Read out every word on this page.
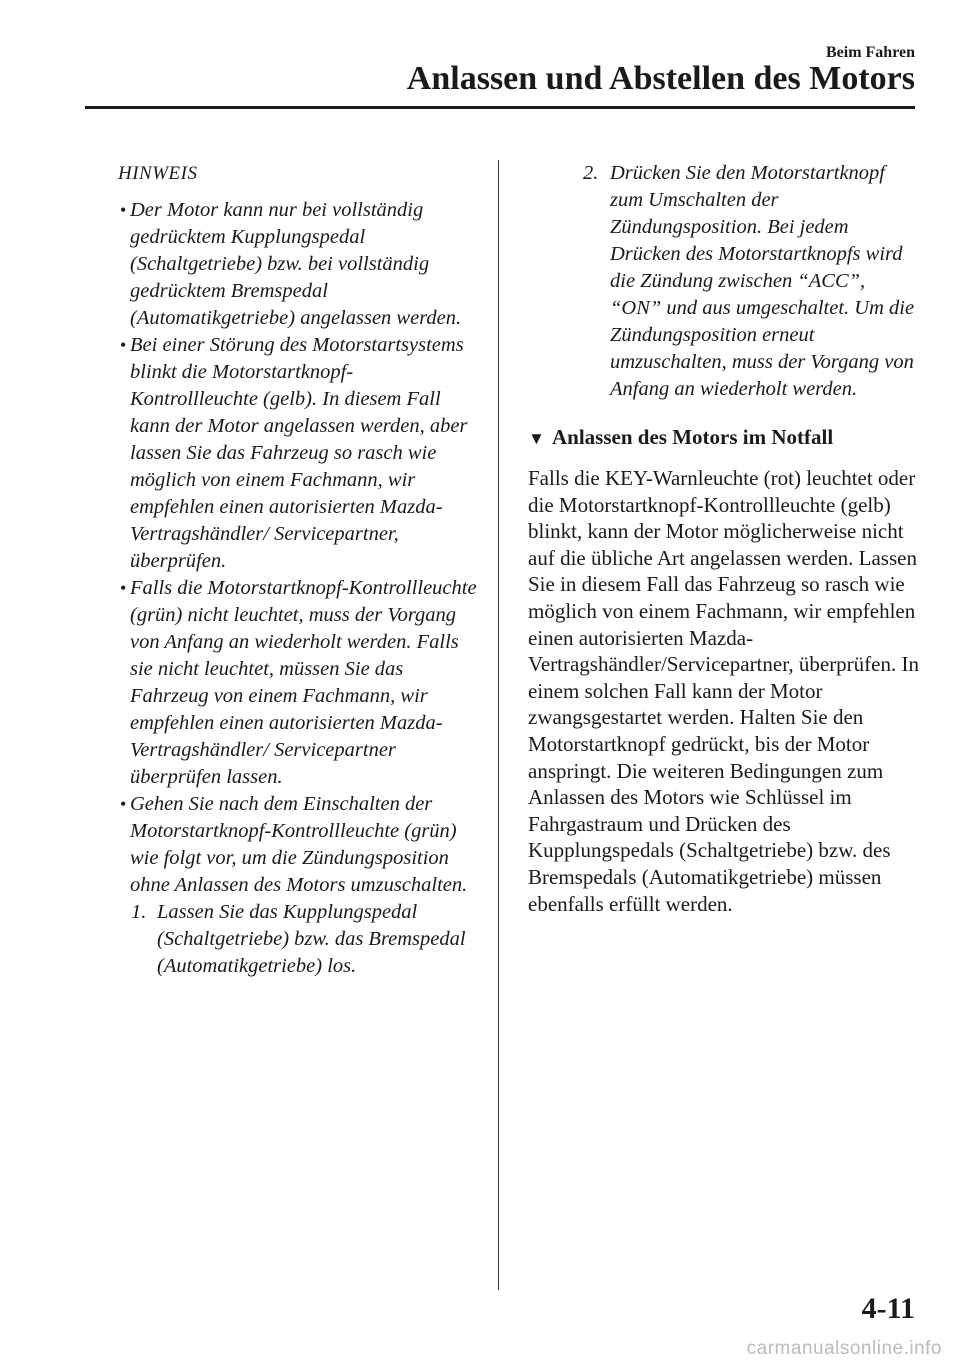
Beim Fahren
Anlassen und Abstellen des Motors
HINWEIS

• Der Motor kann nur bei vollständig gedrücktem Kupplungspedal (Schaltgetriebe) bzw. bei vollständig gedrücktem Bremspedal (Automatikgetriebe) angelassen werden.

• Bei einer Störung des Motorstartsystems blinkt die Motorstartknopf-Kontrollleuchte (gelb). In diesem Fall kann der Motor angelassen werden, aber lassen Sie das Fahrzeug so rasch wie möglich von einem Fachmann, wir empfehlen einen autorisierten Mazda-Vertragshändler/ Servicepartner, überprüfen.

• Falls die Motorstartknopf-Kontrollleuchte (grün) nicht leuchtet, muss der Vorgang von Anfang an wiederholt werden. Falls sie nicht leuchtet, müssen Sie das Fahrzeug von einem Fachmann, wir empfehlen einen autorisierten Mazda-Vertragshändler/ Servicepartner überprüfen lassen.

• Gehen Sie nach dem Einschalten der Motorstartknopf-Kontrollleuchte (grün) wie folgt vor, um die Zündungsposition ohne Anlassen des Motors umzuschalten.

1. Lassen Sie das Kupplungspedal (Schaltgetriebe) bzw. das Bremspedal (Automatikgetriebe) los.

2. Drücken Sie den Motorstartknopf zum Umschalten der Zündungsposition. Bei jedem Drücken des Motorstartknopfs wird die Zündung zwischen “ACC”, “ON” und aus umgeschaltet. Um die Zündungsposition erneut umzuschalten, muss der Vorgang von Anfang an wiederholt werden.

▼ Anlassen des Motors im Notfall

Falls die KEY-Warnleuchte (rot) leuchtet oder die Motorstartknopf-Kontrollleuchte (gelb) blinkt, kann der Motor möglicherweise nicht auf die übliche Art angelassen werden. Lassen Sie in diesem Fall das Fahrzeug so rasch wie möglich von einem Fachmann, wir empfehlen einen autorisierten Mazda-Vertragshändler/Servicepartner, überprüfen. In einem solchen Fall kann der Motor zwangsgestartet werden. Halten Sie den Motorstartknopf gedrückt, bis der Motor anspringt. Die weiteren Bedingungen zum Anlassen des Motors wie Schlüssel im Fahrgastraum und Drücken des Kupplungspedals (Schaltgetriebe) bzw. des Bremspedals (Automatikgetriebe) müssen ebenfalls erfüllt werden.

4-11
carmanualsonline.info
